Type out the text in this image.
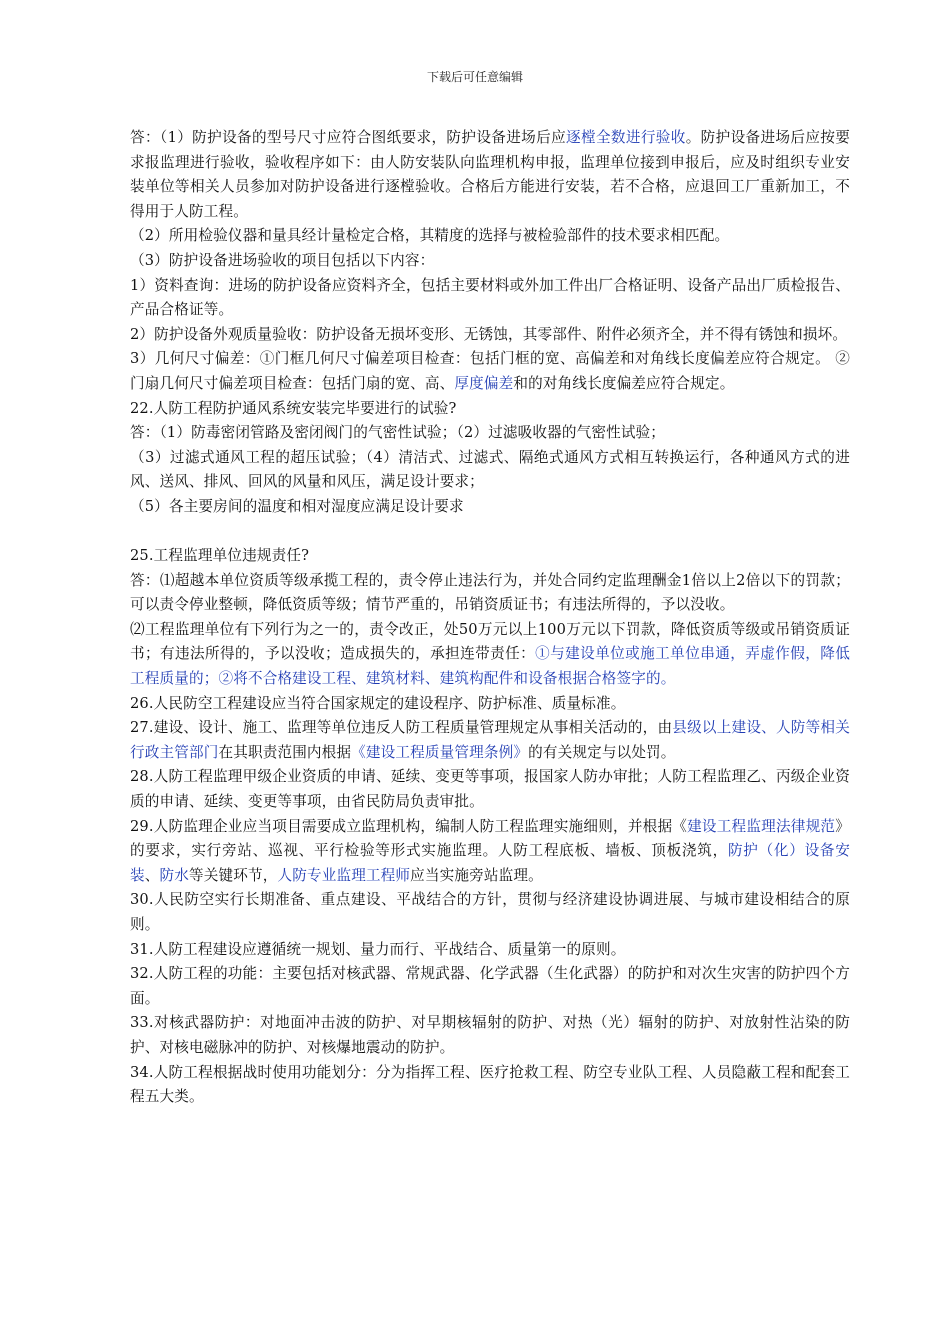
下载后可任意编辑

答：（1）防护设备的型号尺寸应符合图纸要求，防护设备进场后应逐樘全数进行验收。防护设备进场后应按要求报监理进行验收，验收程序如下：由人防安装队向监理机构申报，监理单位接到申报后，应及时组织专业安装单位等相关人员参加对防护设备进行逐樘验收。合格后方能进行安装，若不合格，应退回工厂重新加工，不得用于人防工程。

（2）所用检验仪器和量具经计量检定合格，其精度的选择与被检验部件的技术要求相匹配。

（3）防护设备进场验收的项目包括以下内容：

1）资料查询：进场的防护设备应资料齐全，包括主要材料或外加工件出厂合格证明、设备产品出厂质检报告、产品合格证等。

2）防护设备外观质量验收：防护设备无损坏变形、无锈蚀，其零部件、附件必须齐全，并不得有锈蚀和损坏。

3）几何尺寸偏差：①门框几何尺寸偏差项目检查：包括门框的宽、高偏差和对角线长度偏差应符合规定。 ②门扇几何尺寸偏差项目检查：包括门扇的宽、高、厚度偏差和的对角线长度偏差应符合规定。

22.人防工程防护通风系统安装完毕要进行的试验?

答：（1）防毒密闭管路及密闭阀门的气密性试验；（2）过滤吸收器的气密性试验；

（3）过滤式通风工程的超压试验；（4）清洁式、过滤式、隔绝式通风方式相互转换运行，各种通风方式的进风、送风、排风、回风的风量和风压，满足设计要求；

（5）各主要房间的温度和相对湿度应满足设计要求

25.工程监理单位违规责任?

答：⑴超越本单位资质等级承揽工程的，责令停止违法行为，并处合同约定监理酬金1倍以上2倍以下的罚款；可以责令停业整顿，降低资质等级；情节严重的，吊销资质证书；有违法所得的，予以没收。

⑵工程监理单位有下列行为之一的，责令改正，处50万元以上100万元以下罚款，降低资质等级或吊销资质证书；有违法所得的，予以没收；造成损失的，承担连带责任：①与建设单位或施工单位串通，弄虚作假，降低工程质量的；②将不合格建设工程、建筑材料、建筑构配件和设备根据合格签字的。

26.人民防空工程建设应当符合国家规定的建设程序、防护标准、质量标准。

27.建设、设计、施工、监理等单位违反人防工程质量管理规定从事相关活动的，由县级以上建设、人防等相关行政主管部门在其职责范围内根据《建设工程质量管理条例》的有关规定与以处罚。

28.人防工程监理甲级企业资质的申请、延续、变更等事项，报国家人防办审批；人防工程监理乙、丙级企业资质的申请、延续、变更等事项，由省民防局负责审批。

29.人防监理企业应当项目需要成立监理机构，编制人防工程监理实施细则，并根据《建设工程监理法律规范》的要求，实行旁站、巡视、平行检验等形式实施监理。人防工程底板、墙板、顶板浇筑，防护（化）设备安装、防水等关键环节，人防专业监理工程师应当实施旁站监理。

30.人民防空实行长期准备、重点建设、平战结合的方针，贯彻与经济建设协调进展、与城市建设相结合的原则。

31.人防工程建设应遵循统一规划、量力而行、平战结合、质量第一的原则。

32.人防工程的功能：主要包括对核武器、常规武器、化学武器（生化武器）的防护和对次生灾害的防护四个方面。

33.对核武器防护：对地面冲击波的防护、对早期核辐射的防护、对热（光）辐射的防护、对放射性沾染的防护、对核电磁脉冲的防护、对核爆地震动的防护。

34.人防工程根据战时使用功能划分：分为指挥工程、医疗抢救工程、防空专业队工程、人员隐蔽工程和配套工程五大类。
